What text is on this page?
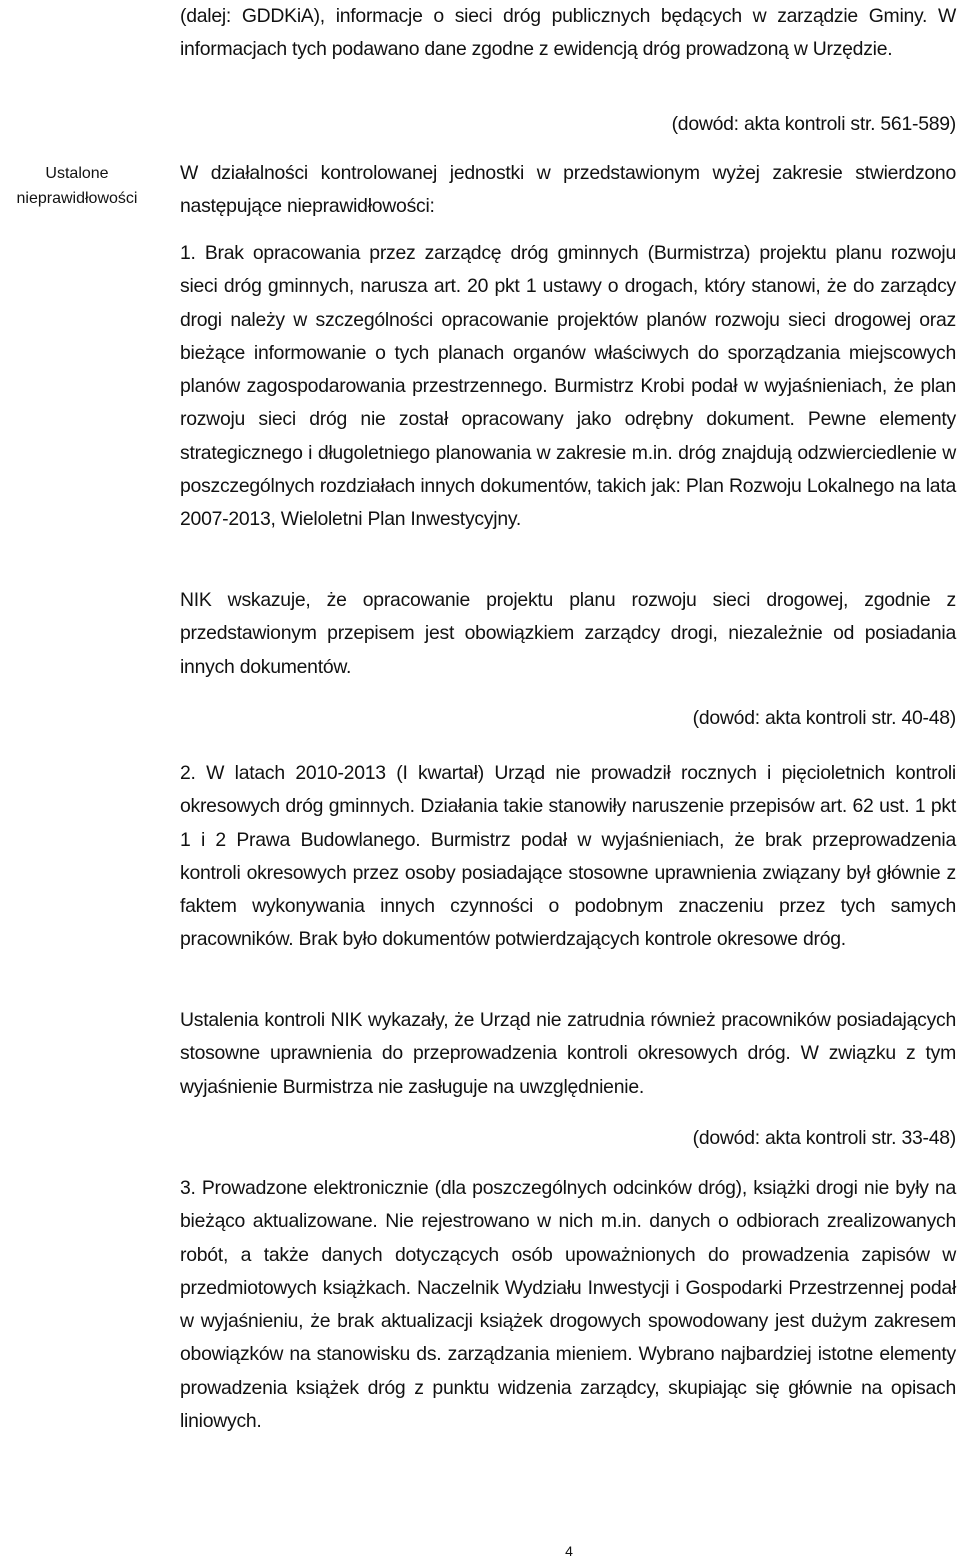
Ustalone
nieprawidłowości

(dalej: GDDKiA), informacje o sieci dróg publicznych będących w zarządzie Gminy. W informacjach tych podawano dane zgodne z ewidencją dróg prowadzoną w Urzędzie.

(dowód: akta kontroli str. 561-589)

W działalności kontrolowanej jednostki w przedstawionym wyżej zakresie stwierdzono następujące nieprawidłowości:

1. Brak opracowania przez zarządcę dróg gminnych (Burmistrza) projektu planu rozwoju sieci dróg gminnych, narusza art. 20 pkt 1 ustawy o drogach, który stanowi, że do zarządcy drogi należy w szczególności opracowanie projektów planów rozwoju sieci drogowej oraz bieżące informowanie o tych planach organów właściwych do sporządzania miejscowych planów zagospodarowania przestrzennego. Burmistrz Krobi podał w wyjaśnieniach, że plan rozwoju sieci dróg nie został opracowany jako odrębny dokument. Pewne elementy strategicznego i długoletniego planowania w zakresie m.in. dróg znajdują odzwierciedlenie w poszczególnych rozdziałach innych dokumentów, takich jak: Plan Rozwoju Lokalnego na lata 2007-2013, Wieloletni Plan Inwestycyjny.

NIK wskazuje, że opracowanie projektu planu rozwoju sieci drogowej, zgodnie z przedstawionym przepisem jest obowiązkiem zarządcy drogi, niezależnie od posiadania innych dokumentów.

(dowód: akta kontroli str. 40-48)

2. W latach 2010-2013 (I kwartał) Urząd nie prowadził rocznych i pięcioletnich kontroli okresowych dróg gminnych. Działania takie stanowiły naruszenie przepisów art. 62 ust. 1 pkt 1 i 2 Prawa Budowlanego. Burmistrz podał w wyjaśnieniach, że brak przeprowadzenia kontroli okresowych przez osoby posiadające stosowne uprawnienia związany był głównie z faktem wykonywania innych czynności o podobnym znaczeniu przez tych samych pracowników. Brak było dokumentów potwierdzających kontrole okresowe dróg.

Ustalenia kontroli NIK wykazały, że Urząd nie zatrudnia również pracowników posiadających stosowne uprawnienia do przeprowadzenia kontroli okresowych dróg. W związku z tym wyjaśnienie Burmistrza nie zasługuje na uwzględnienie.

(dowód: akta kontroli str. 33-48)

3. Prowadzone elektronicznie (dla poszczególnych odcinków dróg), książki drogi nie były na bieżąco aktualizowane. Nie rejestrowano w nich m.in. danych o odbiorach zrealizowanych robót, a także danych dotyczących osób upoważnionych do prowadzenia zapisów w przedmiotowych książkach. Naczelnik Wydziału Inwestycji i Gospodarki Przestrzennej podał w wyjaśnieniu, że brak aktualizacji książek drogowych spowodowany jest dużym zakresem obowiązków na stanowisku ds. zarządzania mieniem. Wybrano najbardziej istotne elementy prowadzenia książek dróg z punktu widzenia zarządcy, skupiając się głównie na opisach liniowych.

4
